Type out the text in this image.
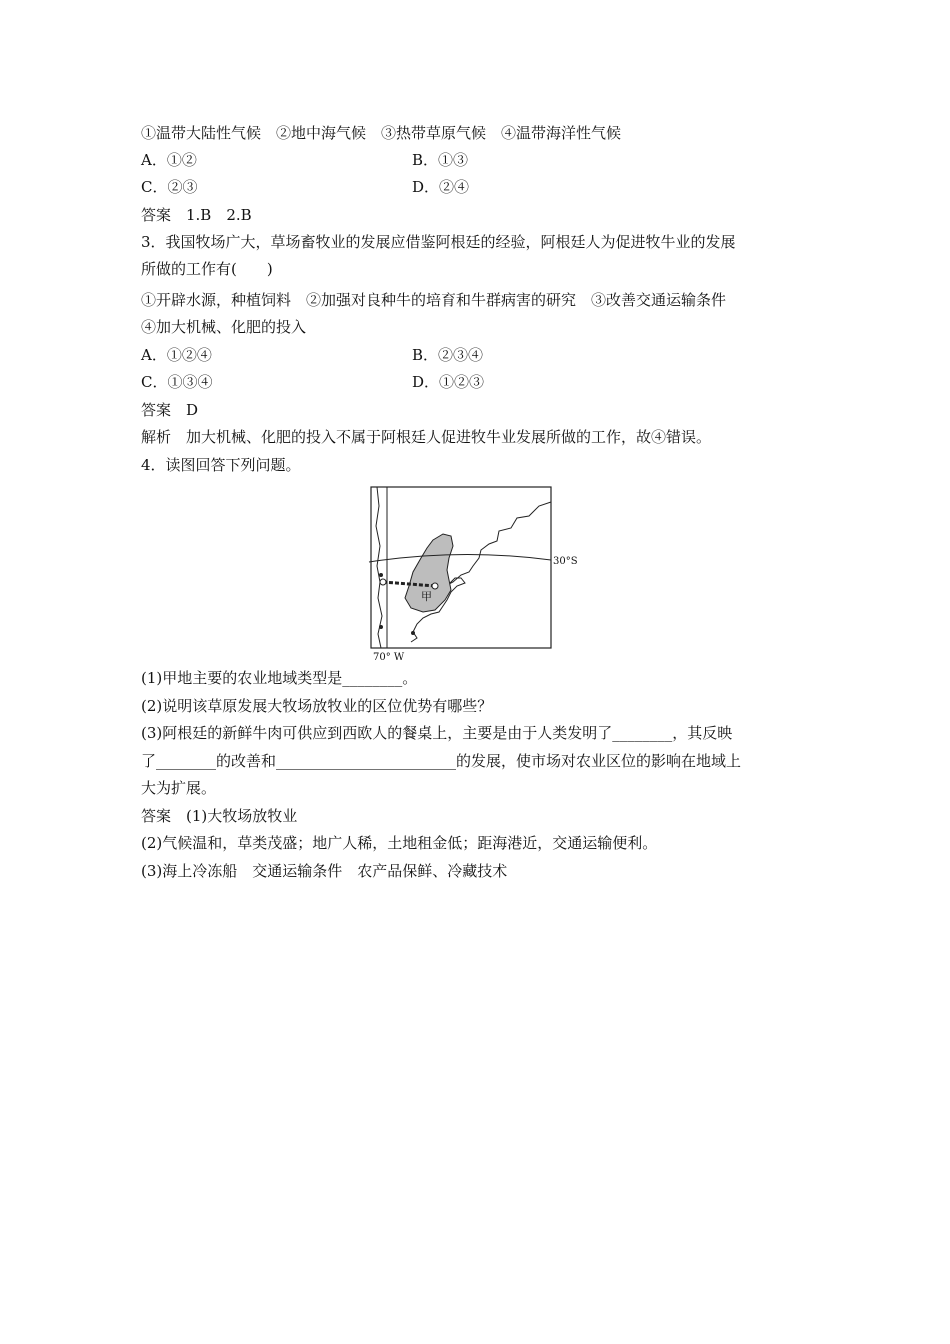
①温带大陆性气候　②地中海气候　③热带草原气候　④温带海洋性气候
A．①②	B．①③
C．②③	D．②④
答案　1.B　2.B
3．我国牧场广大，草场畜牧业的发展应借鉴阿根廷的经验，阿根廷人为促进牧牛业的发展
所做的工作有(　　)
①开辟水源，种植饲料　②加强对良种牛的培育和牛群病害的研究　③改善交通运输条件
④加大机械、化肥的投入
A．①②④	B．②③④
C．①③④	D．①②③
答案　D
解析　加大机械、化肥的投入不属于阿根廷人促进牧牛业发展所做的工作，故④错误。
4．读图回答下列问题。
30°S
甲
70° W
(1)甲地主要的农业地域类型是________。
(2)说明该草原发展大牧场放牧业的区位优势有哪些？
(3)阿根廷的新鲜牛肉可供应到西欧人的餐桌上，主要是由于人类发明了________，其反映
了________的改善和________________________的发展，使市场对农业区位的影响在地域上
大为扩展。
答案　(1)大牧场放牧业
(2)气候温和，草类茂盛；地广人稀，土地租金低；距海港近，交通运输便利。
(3)海上冷冻船　交通运输条件　农产品保鲜、冷藏技术
